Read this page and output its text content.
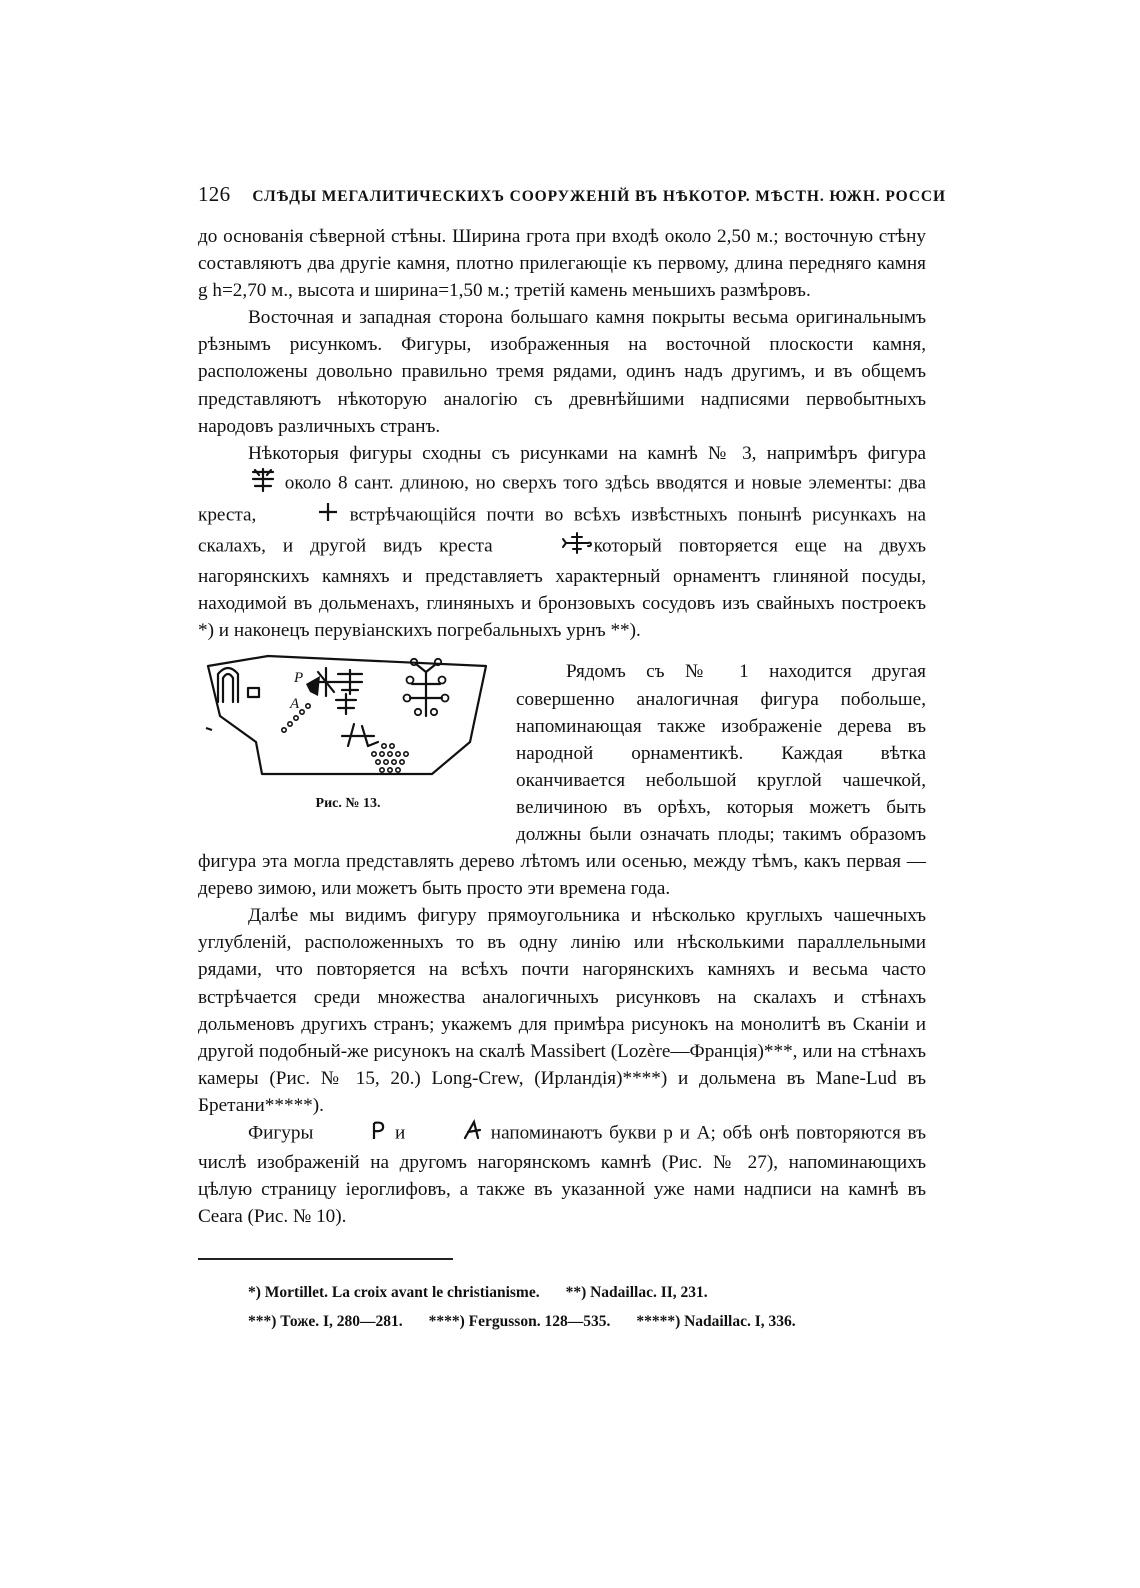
126 СЛѢДЫ МЕГАЛИТИЧЕСКИХЪ СООРУЖЕНІЙ ВЪ НѢКОТОР. МѢСТН. ЮЖН. РОССИ

до основанія сѣверной стѣны. Ширина грота при входѣ около 2,50 м.; восточную стѣну составляютъ два другіе камня, плотно прилегающіе къ первому, длина передняго камня g h=2,70 м., высота и ширина=1,50 м.; третій камень меньшихъ размѣровъ.

Восточная и западная сторона большаго камня покрыты весьма оригинальнымъ рѣзнымъ рисункомъ. Фигуры, изображенныя на восточной плоскости камня, расположены довольно правильно тремя рядами, одинъ надъ другимъ, и въ общемъ представляютъ нѣкоторую аналогію съ древнѣйшими надписями первобытныхъ народовъ различныхъ странъ.

Нѣкоторыя фигуры сходны съ рисунками на камнѣ № 3, напримѣръ фигура  около 8 сант. длиною, но сверхъ того здѣсь вводятся и новые элементы: два креста,	встрѣчающійся почти во всѣхъ извѣстныхъ понынѣ рисункахъ на скалахъ, и другой видъ креста	который повторяется еще на двухъ нагорянскихъ камняхъ и представляетъ характерный орнаментъ глиняной посуды, находимой въ дольменахъ, глиняныхъ и бронзовыхъ сосудовъ изъ свайныхъ построекъ *) и наконецъ перувіанскихъ погребальныхъ урнъ **).

P
A
Рис. № 13.

Рядомъ съ № 1 находится другая совершенно аналогичная фигура побольше, напоминающая также изображеніе дерева въ народной орнаментикѣ. Каждая вѣтка оканчивается небольшой круглой чашечкой, величиною въ орѣхъ, которыя можетъ быть должны были означать плоды; такимъ образомъ фигура эта могла представлять дерево лѣтомъ или осенью, между тѣмъ, какъ первая — дерево зимою, или можетъ быть просто эти времена года.

Далѣе мы видимъ фигуру прямоугольника и нѣсколько круглыхъ чашечныхъ углубленій, расположенныхъ то въ одну линію или нѣсколькими параллельными рядами, что повторяется на всѣхъ почти нагорянскихъ камняхъ и весьма часто встрѣчается среди множества аналогичныхъ рисунковъ на скалахъ и стѣнахъ дольменовъ другихъ странъ; укажемъ для примѣра рисунокъ на монолитѣ въ Сканіи и другой подобный-же рисунокъ на скалѣ Massibert (Lozère—Франція)***, или на стѣнахъ камеры (Рис. № 15, 20.) Long-Crew, (Ирландія)****) и дольмена въ Mane-Lud въ Бретани*****).

Фигуры	и	напоминаютъ букви р и А; обѣ онѣ повторяются въ числѣ изображеній на другомъ нагорянскомъ камнѣ (Рис. № 27), напоминающихъ цѣлую страницу іероглифовъ, а также въ указанной уже нами надписи на камнѣ въ Ceara (Рис. № 10).

*) Mortillet. La croix avant le christianisme. **) Nadaillac. II, 231.
***) Тоже. I, 280—281. ****) Fergusson. 128—535. *****) Nadaillac. I, 336.
